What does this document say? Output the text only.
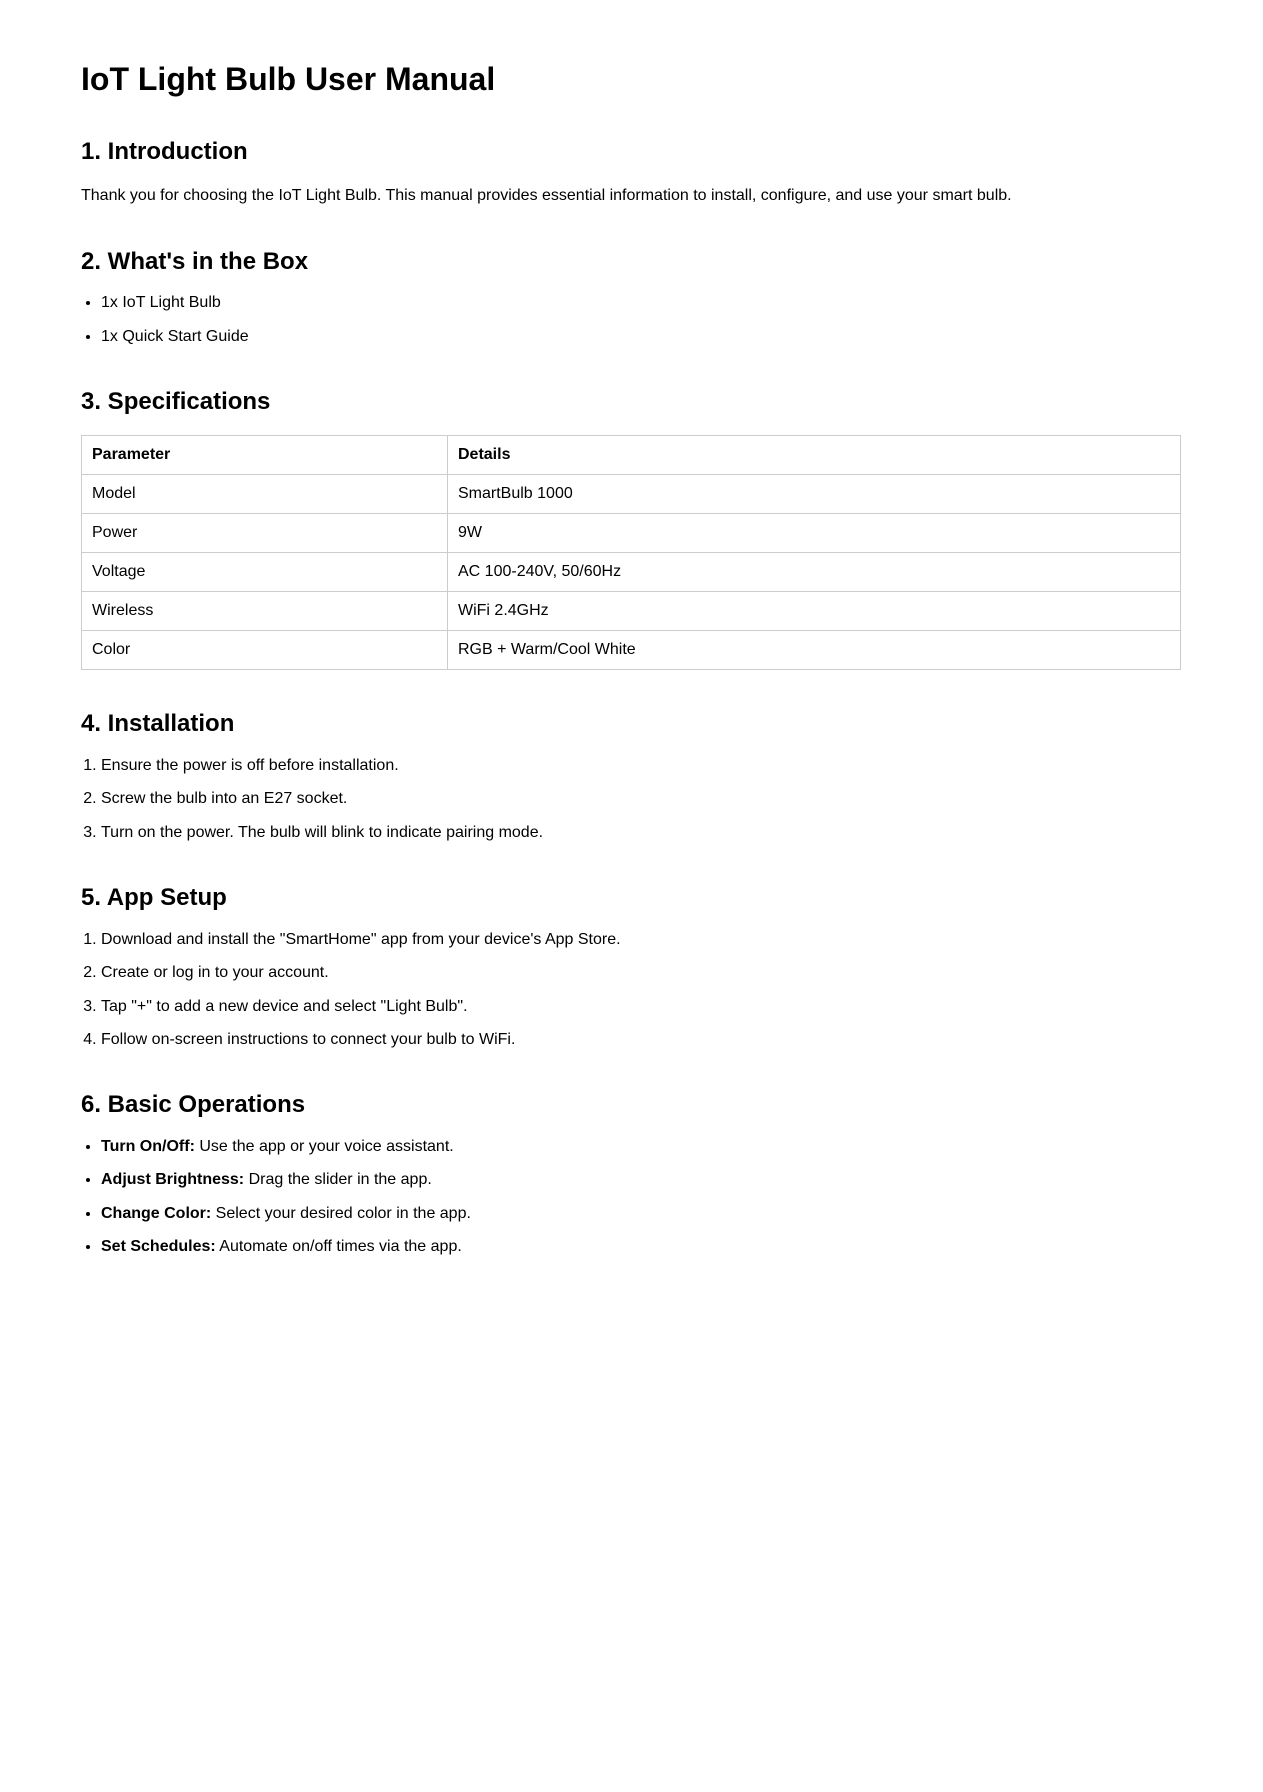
IoT Light Bulb User Manual
1. Introduction

Thank you for choosing the IoT Light Bulb. This manual provides essential information to install, configure, and use your smart bulb.

2. What's in the Box
• 1x IoT Light Bulb
• 1x Quick Start Guide
3. Specifications
Parameter	Details
Model	SmartBulb 1000
Power	9W
Voltage	AC 100-240V, 50/60Hz
Wireless	WiFi 2.4GHz
Color	RGB + Warm/Cool White
4. Installation
1. Ensure the power is off before installation.
2. Screw the bulb into an E27 socket.
3. Turn on the power. The bulb will blink to indicate pairing mode.
5. App Setup
1. Download and install the "SmartHome" app from your device's App Store.
2. Create or log in to your account.
3. Tap "+" to add a new device and select "Light Bulb".
4. Follow on-screen instructions to connect your bulb to WiFi.
6. Basic Operations
• Turn On/Off: Use the app or your voice assistant.
• Adjust Brightness: Drag the slider in the app.
• Change Color: Select your desired color in the app.
• Set Schedules: Automate on/off times via the app.
